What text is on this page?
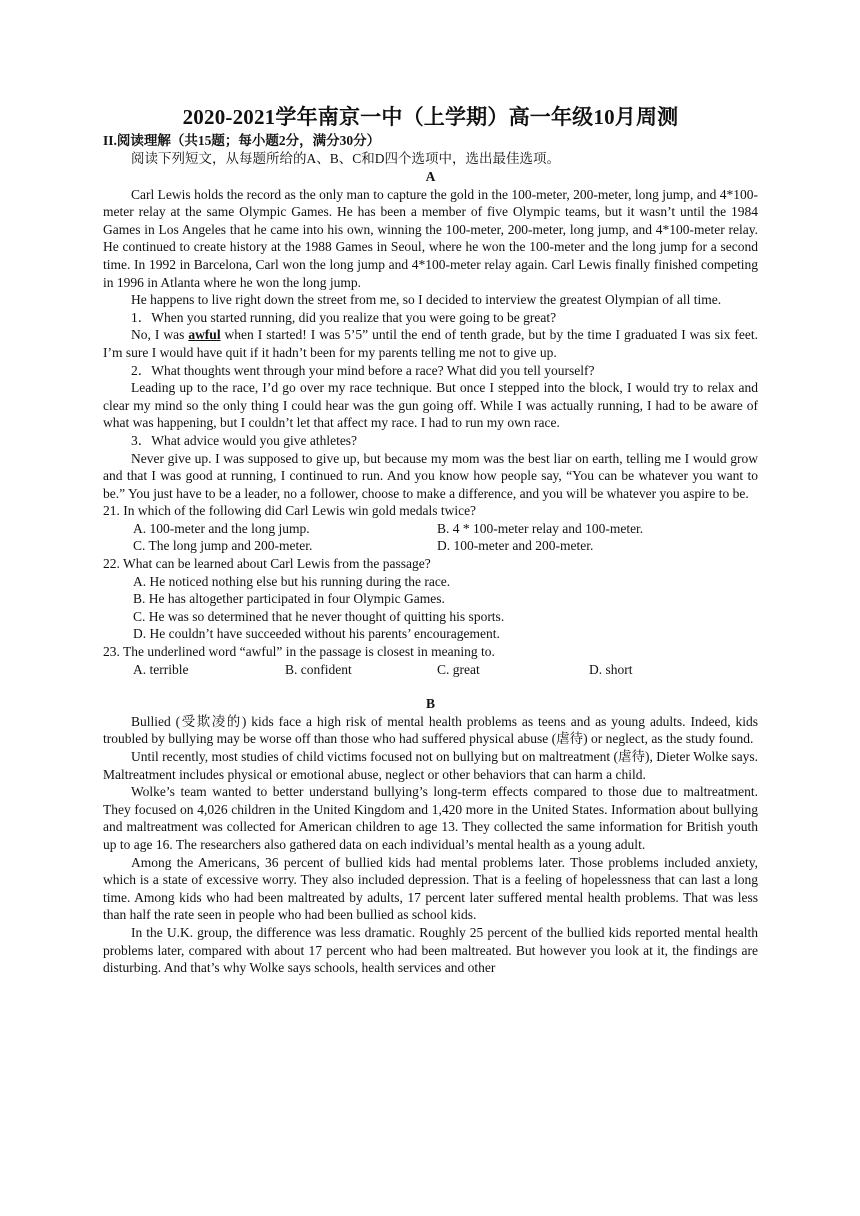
2020-2021学年南京一中（上学期）高一年级10月周测
II.阅读理解（共15题；每小题2分，满分30分）

阅读下列短文，从每题所给的A、B、C和D四个选项中，选出最佳选项。

A

Carl Lewis holds the record as the only man to capture the gold in the 100-meter, 200-meter, long jump, and 4*100-meter relay at the same Olympic Games. He has been a member of five Olympic teams, but it wasn’t until the 1984 Games in Los Angeles that he came into his own, winning the 100-meter, 200-meter, long jump, and 4*100-meter relay. He continued to create history at the 1988 Games in Seoul, where he won the 100-meter and the long jump for a second time. In 1992 in Barcelona, Carl won the long jump and 4*100-meter relay again. Carl Lewis finally finished competing in 1996 in Atlanta where he won the long jump.

He happens to live right down the street from me, so I decided to interview the greatest Olympian of all time.

1．When you started running, did you realize that you were going to be great?

No, I was awful when I started! I was 5’5” until the end of tenth grade, but by the time I graduated I was six feet. I’m sure I would have quit if it hadn’t been for my parents telling me not to give up.

2．What thoughts went through your mind before a race? What did you tell yourself?

Leading up to the race, I’d go over my race technique. But once I stepped into the block, I would try to relax and clear my mind so the only thing I could hear was the gun going off. While I was actually running, I had to be aware of what was happening, but I couldn’t let that affect my race. I had to run my own race.

3．What advice would you give athletes?

Never give up. I was supposed to give up, but because my mom was the best liar on earth, telling me I would grow and that I was good at running, I continued to run. And you know how people say, “You can be whatever you want to be.” You just have to be a leader, no a follower, choose to make a difference, and you will be whatever you aspire to be.

21. In which of the following did Carl Lewis win gold medals twice?
A. 100-meter and the long jump.	B. 4 * 100-meter relay and 100-meter.
C. The long jump and 200-meter.	D. 100-meter and 200-meter.
22. What can be learned about Carl Lewis from the passage?
A. He noticed nothing else but his running during the race.
B. He has altogether participated in four Olympic Games.
C. He was so determined that he never thought of quitting his sports.
D. He couldn’t have succeeded without his parents’ encouragement.
23. The underlined word “awful” in the passage is closest in meaning to.
A. terrible	B. confident	C. great	D. short
B

Bullied (受欺凌的) kids face a high risk of mental health problems as teens and as young adults. Indeed, kids troubled by bullying may be worse off than those who had suffered physical abuse (虐待) or neglect, as the study found.

Until recently, most studies of child victims focused not on bullying but on maltreatment (虐待), Dieter Wolke says. Maltreatment includes physical or emotional abuse, neglect or other behaviors that can harm a child.

Wolke’s team wanted to better understand bullying’s long-term effects compared to those due to maltreatment. They focused on 4,026 children in the United Kingdom and 1,420 more in the United States. Information about bullying and maltreatment was collected for American children to age 13. They collected the same information for British youth up to age 16. The researchers also gathered data on each individual’s mental health as a young adult.

Among the Americans, 36 percent of bullied kids had mental problems later. Those problems included anxiety, which is a state of excessive worry. They also included depression. That is a feeling of hopelessness that can last a long time. Among kids who had been maltreated by adults, 17 percent later suffered mental health problems. That was less than half the rate seen in people who had been bullied as school kids.

In the U.K. group, the difference was less dramatic. Roughly 25 percent of the bullied kids reported mental health problems later, compared with about 17 percent who had been maltreated. But however you look at it, the findings are disturbing. And that’s why Wolke says schools, health services and other
